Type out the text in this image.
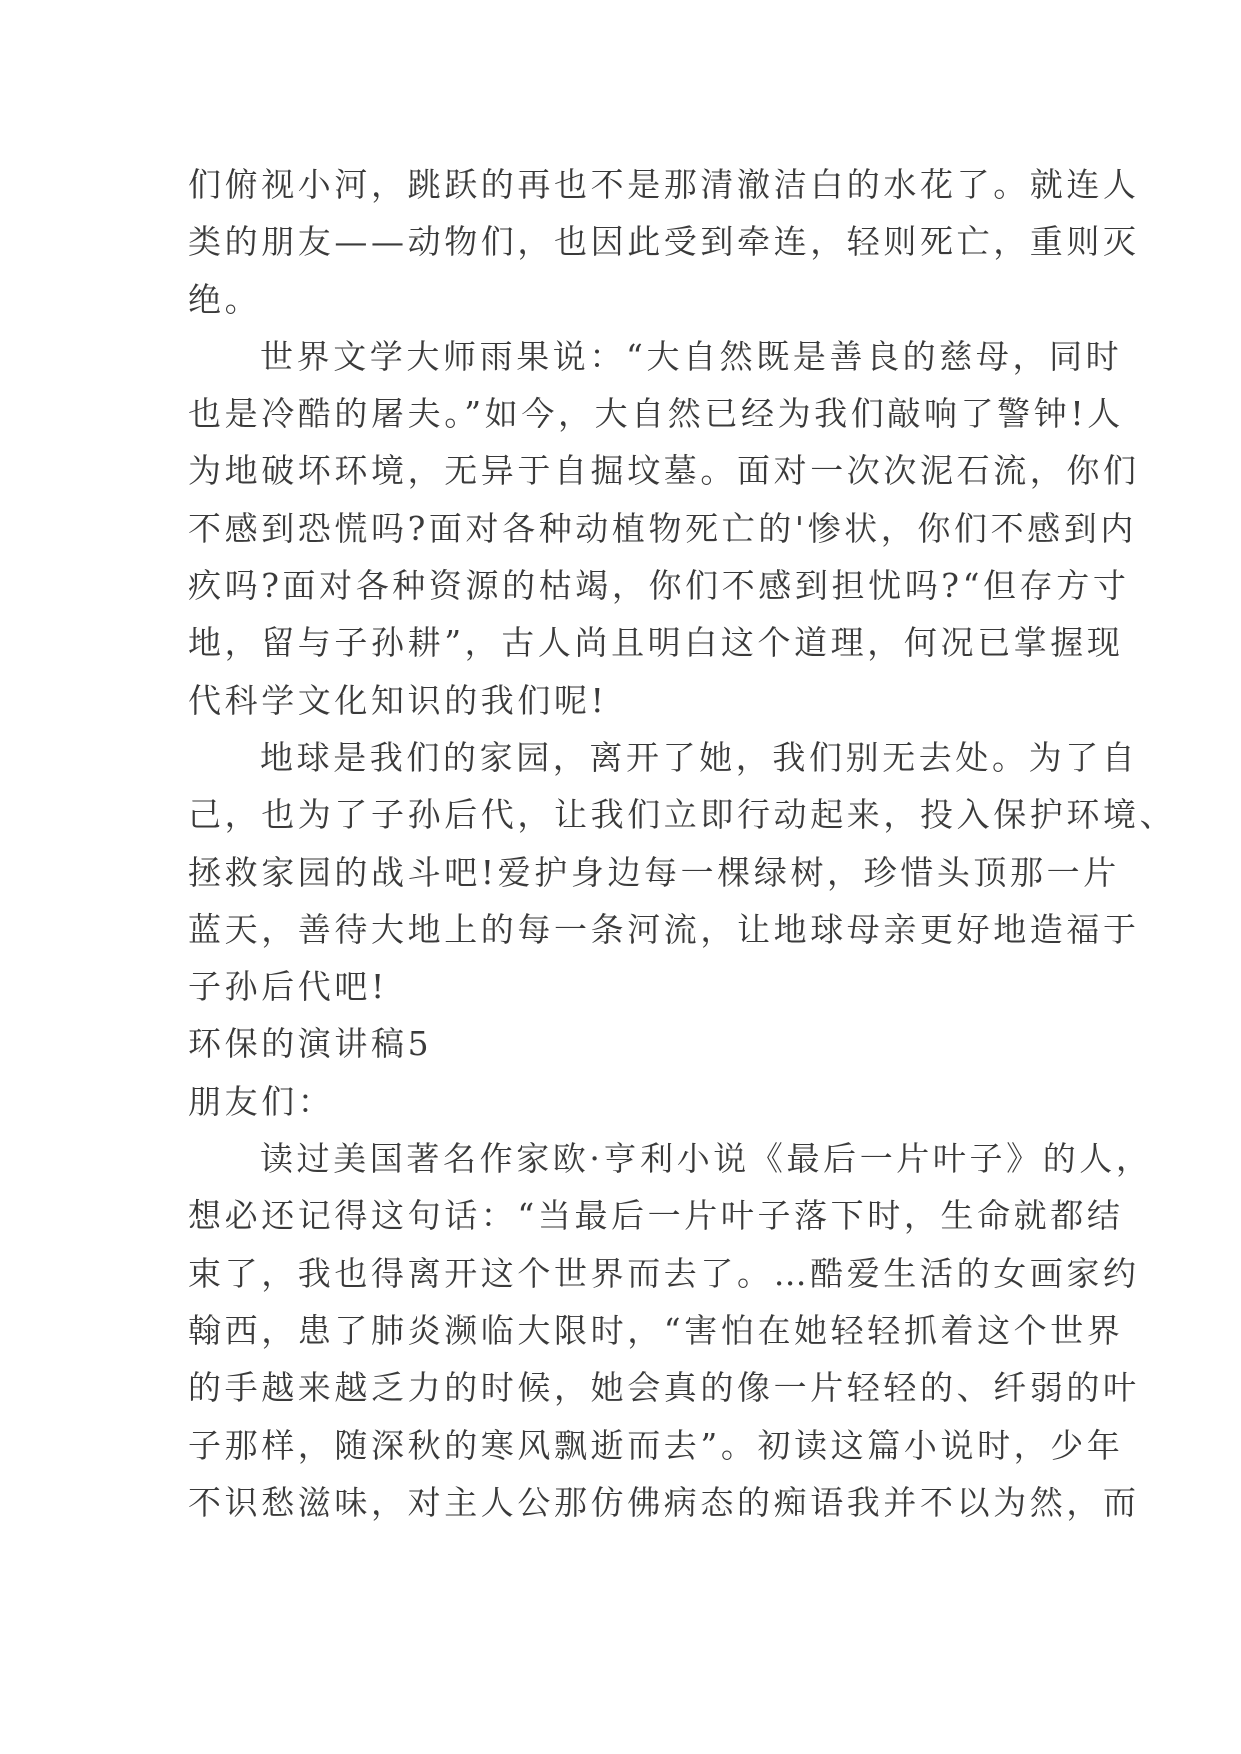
们俯视小河，跳跃的再也不是那清澈洁白的水花了。就连人
类的朋友——动物们，也因此受到牵连，轻则死亡，重则灭
绝。
世界文学大师雨果说：“大自然既是善良的慈母，同时
也是冷酷的屠夫。”如今，大自然已经为我们敲响了警钟!人
为地破坏环境，无异于自掘坟墓。面对一次次泥石流，你们
不感到恐慌吗?面对各种动植物死亡的'惨状，你们不感到内
疚吗?面对各种资源的枯竭，你们不感到担忧吗?“但存方寸
地，留与子孙耕”，古人尚且明白这个道理，何况已掌握现
代科学文化知识的我们呢!
地球是我们的家园，离开了她，我们别无去处。为了自
己，也为了子孙后代，让我们立即行动起来，投入保护环境、
拯救家园的战斗吧!爱护身边每一棵绿树，珍惜头顶那一片
蓝天，善待大地上的每一条河流，让地球母亲更好地造福于
子孙后代吧!
环保的演讲稿5
朋友们：
读过美国著名作家欧·亨利小说《最后一片叶子》的人，
想必还记得这句话：“当最后一片叶子落下时，生命就都结
束了，我也得离开这个世界而去了。…酷爱生活的女画家约
翰西，患了肺炎濒临大限时，“害怕在她轻轻抓着这个世界
的手越来越乏力的时候，她会真的像一片轻轻的、纤弱的叶
子那样，随深秋的寒风飘逝而去”。初读这篇小说时，少年
不识愁滋味，对主人公那仿佛病态的痴语我并不以为然，而
